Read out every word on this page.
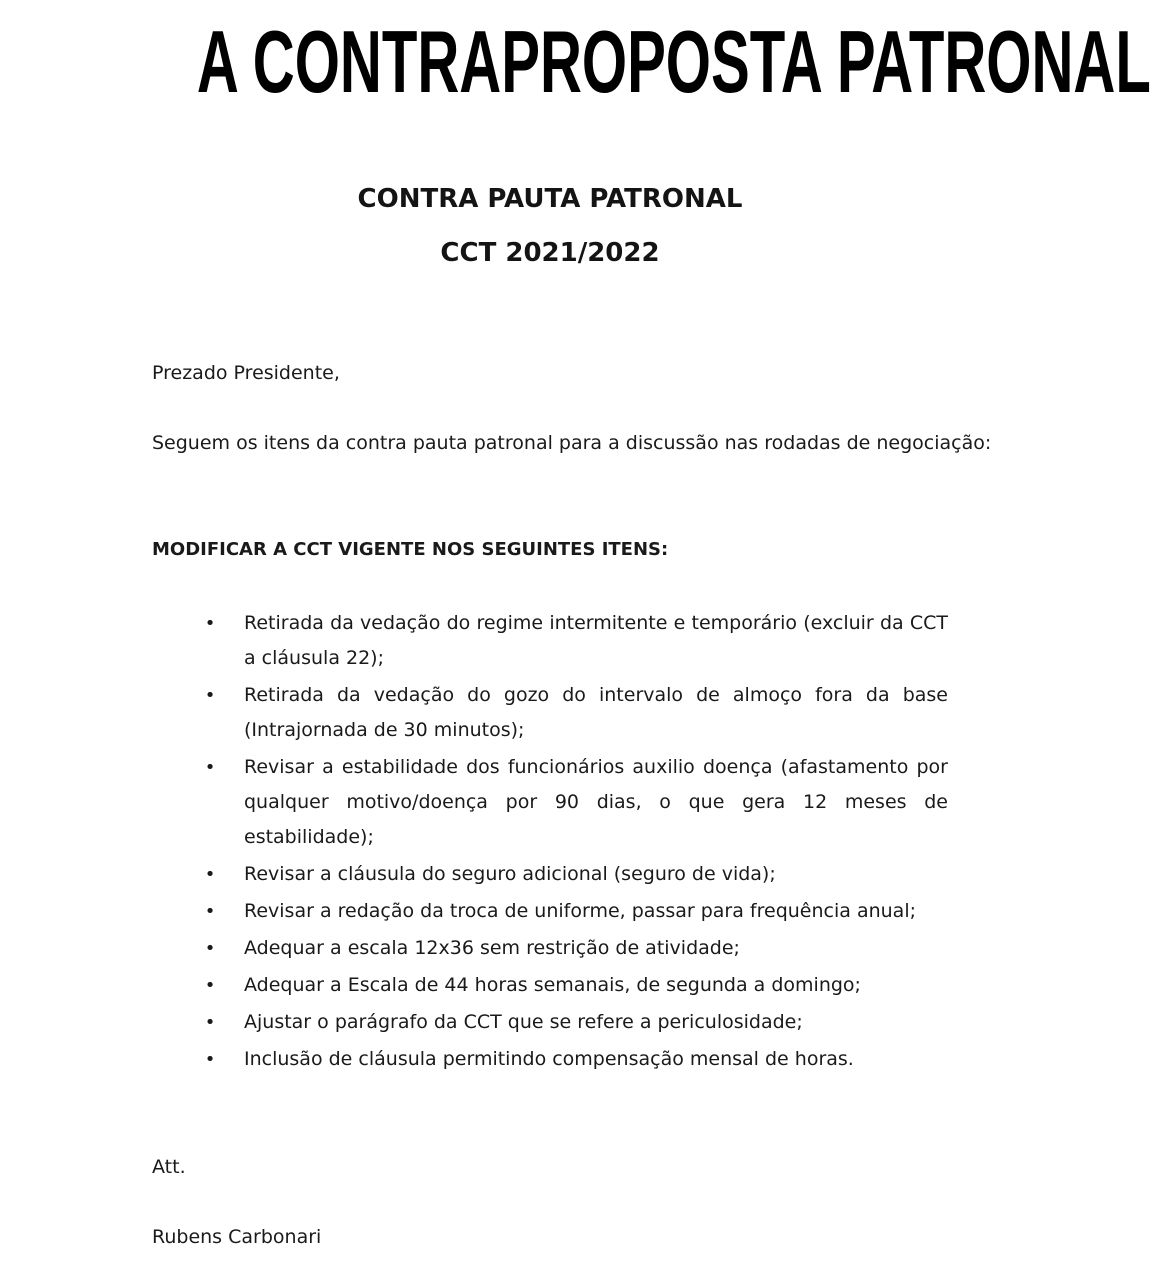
A CONTRAPROPOSTA PATRONAL
CONTRA PAUTA PATRONAL
CCT 2021/2022
Prezado Presidente,
Seguem os itens da contra pauta patronal para a discussão nas rodadas de negociação:
MODIFICAR A CCT VIGENTE NOS SEGUINTES ITENS:
• Retirada da vedação do regime intermitente e temporário (excluir da CCT a cláusula 22);
• Retirada da vedação do gozo do intervalo de almoço fora da base (Intrajornada de 30 minutos);
• Revisar a estabilidade dos funcionários auxilio doença (afastamento por qualquer motivo/doença por 90 dias, o que gera 12 meses de estabilidade);
• Revisar a cláusula do seguro adicional (seguro de vida);
• Revisar a redação da troca de uniforme, passar para frequência anual;
• Adequar a escala 12x36 sem restrição de atividade;
• Adequar a Escala de 44 horas semanais, de segunda a domingo;
• Ajustar o parágrafo da CCT que se refere a periculosidade;
• Inclusão de cláusula permitindo compensação mensal de horas.
Att.
Rubens Carbonari
